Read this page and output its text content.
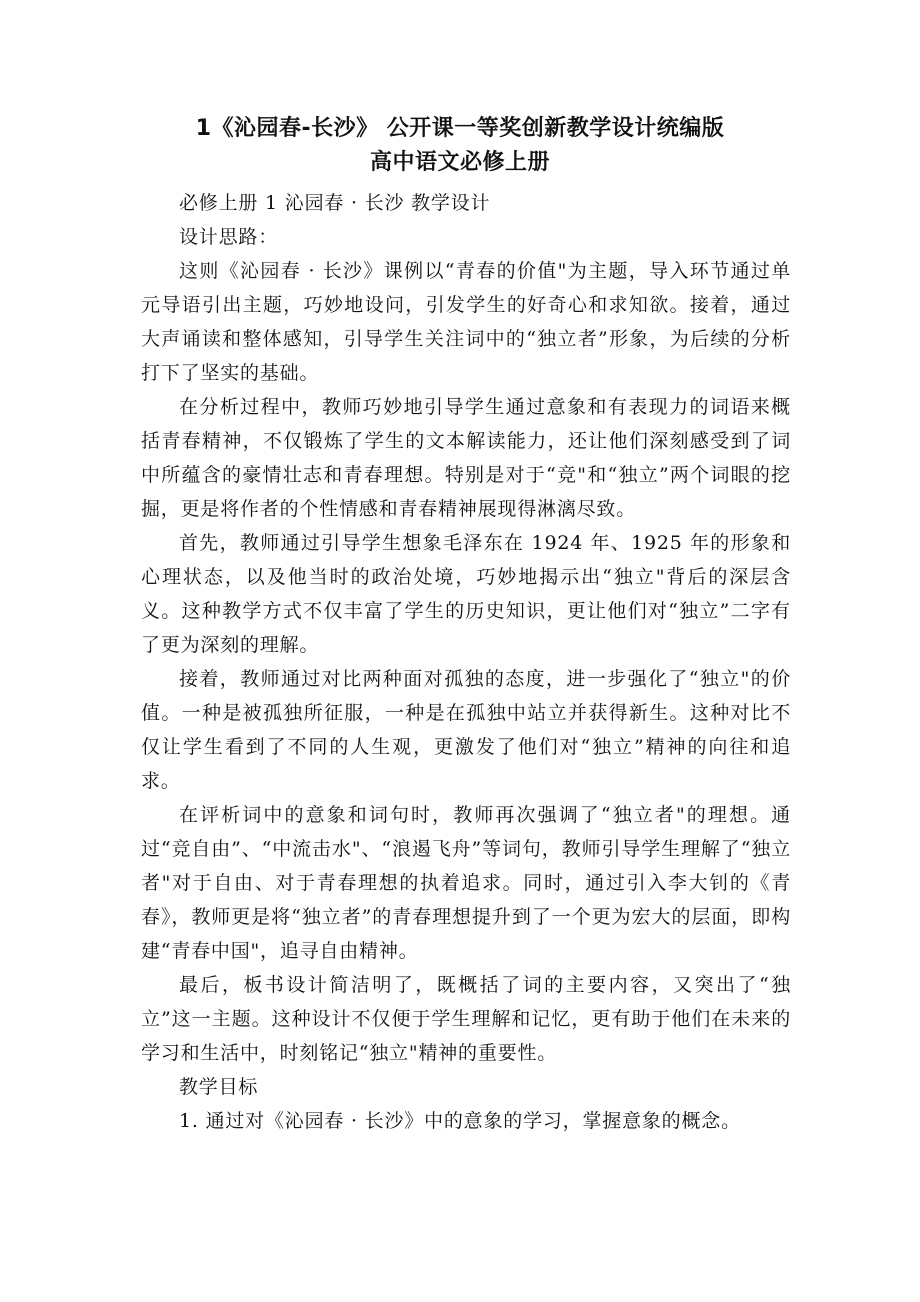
1《沁园春-长沙》 公开课一等奖创新教学设计统编版
高中语文必修上册

必修上册 1 沁园春 · 长沙 教学设计

设计思路：

这则《沁园春 · 长沙》课例以“青春的价值"为主题，导入环节通过单元导语引出主题，巧妙地设问，引发学生的好奇心和求知欲。接着，通过大声诵读和整体感知，引导学生关注词中的“独立者”形象，为后续的分析打下了坚实的基础。

在分析过程中，教师巧妙地引导学生通过意象和有表现力的词语来概括青春精神，不仅锻炼了学生的文本解读能力，还让他们深刻感受到了词中所蕴含的豪情壮志和青春理想。特别是对于“竞"和“独立”两个词眼的挖掘，更是将作者的个性情感和青春精神展现得淋漓尽致。

首先，教师通过引导学生想象毛泽东在 1924 年、1925 年的形象和心理状态，以及他当时的政治处境，巧妙地揭示出“独立"背后的深层含义。这种教学方式不仅丰富了学生的历史知识，更让他们对“独立”二字有了更为深刻的理解。

接着，教师通过对比两种面对孤独的态度，进一步强化了“独立"的价值。一种是被孤独所征服，一种是在孤独中站立并获得新生。这种对比不仅让学生看到了不同的人生观，更激发了他们对“独立”精神的向往和追求。

在评析词中的意象和词句时，教师再次强调了“独立者"的理想。通过“竞自由”、“中流击水"、“浪遏飞舟”等词句，教师引导学生理解了“独立者"对于自由、对于青春理想的执着追求。同时，通过引入李大钊的《青春》，教师更是将“独立者”的青春理想提升到了一个更为宏大的层面，即构建“青春中国"，追寻自由精神。

最后，板书设计简洁明了，既概括了词的主要内容，又突出了“独立”这一主题。这种设计不仅便于学生理解和记忆，更有助于他们在未来的学习和生活中，时刻铭记“独立"精神的重要性。

教学目标

1. 通过对《沁园春 · 长沙》中的意象的学习，掌握意象的概念。
